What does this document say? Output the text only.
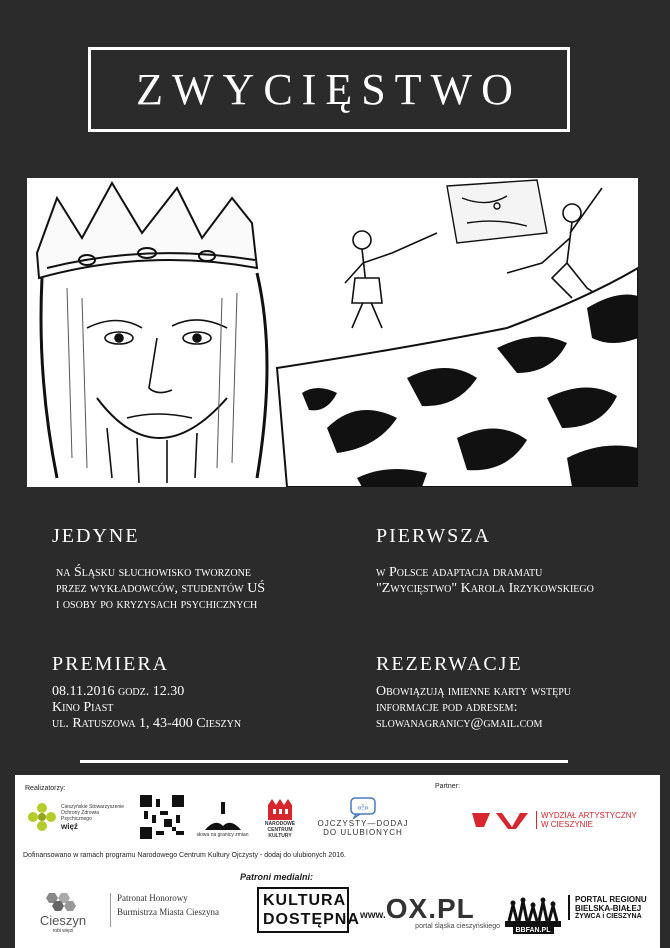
ZWYCIĘSTWO
JEDYNE

na Śląsku słuchowisko tworzone
przez wykładowców, studentów UŚ
i osoby po kryzysach psychicznych

PIERWSZA

w Polsce adaptacja dramatu
"Zwycięstwo" Karola Irzykowskiego

PREMIERA

08.11.2016 godz. 12.30
Kino Piast
ul. Ratuszowa 1, 43-400 Cieszyn

REZERWACJE

Obowiązują imienne karty wstępu
informacje pod adresem:
slowanagranicy@gmail.com

Realizatorzy:	Partner:
Cieszyńskie Stowarzyszenie Ochrony Zdrowia Psychicznego
więź
słowa na granicy zmian
NARODOWE
CENTRUM
KULTURY
«!»
OJCZYSTY—DODAJ
DO ULUBIONYCH
WYDZIAŁ ARTYSTYCZNY
W CIESZYNIE
Dofinansowano w ramach programu Narodowego Centrum Kultury Ojczysty - dodaj do ulubionych 2016.
Patroni medialni:
Cieszyn
robi więzi
Patronat Honorowy
Burmistrza Miasta Cieszyna
KULTURA
DOSTĘPNA www. OX.PL
portal śląska cieszyńskiego	BBFAN.PL
PORTAL REGIONU
BIELSKA-BIAŁEJ
ŻYWCA i CIESZYNA
